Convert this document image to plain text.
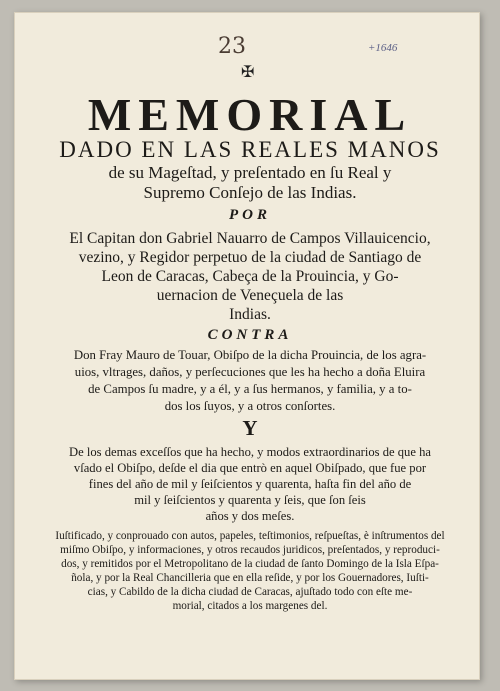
23
✠
+1646
MEMORIAL
DADO EN LAS REALES MANOS
de su Mageſtad, y preſentado en ſu Real y
Supremo Conſejo de las Indias.
POR
El Capitan don Gabriel Nauarro de Campos Villauicencio,
vezino, y Regidor perpetuo de la ciudad de Santiago de
Leon de Caracas, Cabeça de la Prouincia, y Go-
uernacion de Veneçuela de las
Indias.
CONTRA
Don Fray Mauro de Touar, Obiſpo de la dicha Prouincia, de los agra-
uios, vltrages, daños, y perſecuciones que les ha hecho a doña Eluira
de Campos ſu madre, y a él, y a ſus hermanos, y familia, y a to-
dos los ſuyos, y a otros conſortes.
Y
De los demas exceſſos que ha hecho, y modos extraordinarios de que ha
vſado el Obiſpo, deſde el dia que entrò en aquel Obiſpado, que fue por
fines del año de mil y ſeiſcientos y quarenta, haſta fin del año de
mil y ſeiſcientos y quarenta y ſeis, que ſon ſeis
años y dos meſes.
Iuſtificado, y conprouado con autos, papeles, teſtimonios, reſpueſtas, è inſtrumentos del
miſmo Obiſpo, y informaciones, y otros recaudos juridicos, preſentados, y reproduci-
dos, y remitidos por el Metropolitano de la ciudad de ſanto Domingo de la Isla Eſpa-
ñola, y por la Real Chancilleria que en ella reſide, y por los Gouernadores, Iuſti-
cias, y Cabildo de la dicha ciudad de Caracas, ajuſtado todo con eſte me-
morial, citados a los margenes del.
